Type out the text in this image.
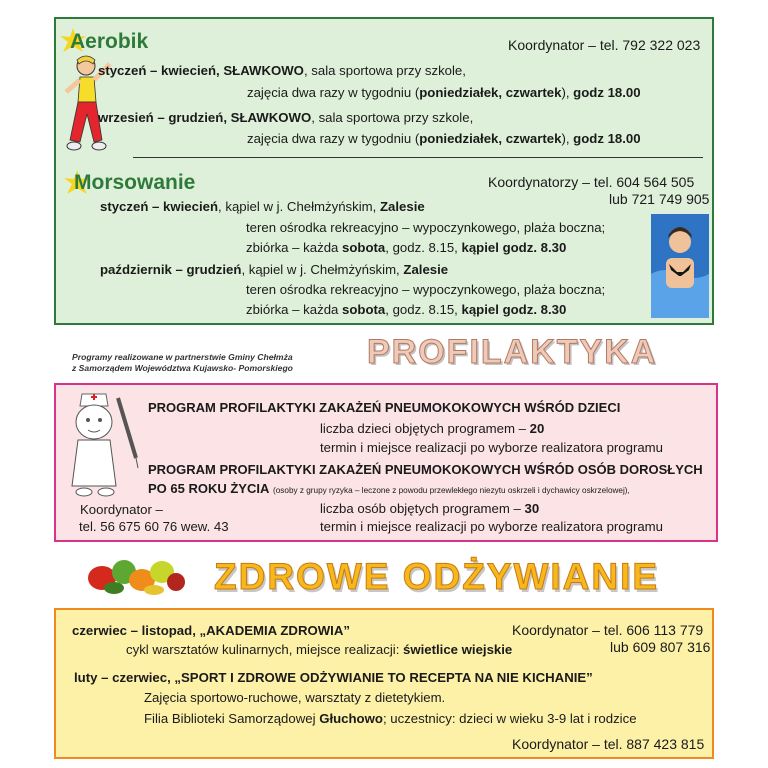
Aerobik	Koordynator – tel. 792 322 023
styczeń – kwiecień, SŁAWKOWO, sala sportowa przy szkole,
zajęcia dwa razy w tygodniu (poniedziałek, czwartek), godz 18.00
wrzesień – grudzień, SŁAWKOWO, sala sportowa przy szkole,
zajęcia dwa razy w tygodniu (poniedziałek, czwartek), godz 18.00
Morsowanie	Koordynatorzy – tel. 604 564 505
lub 721 749 905
styczeń – kwiecień, kąpiel w j. Chełmżyńskim, Zalesie
teren ośrodka rekreacyjno – wypoczynkowego, plaża boczna;
zbiórka – każda sobota, godz. 8.15, kąpiel godz. 8.30
październik – grudzień, kąpiel w j. Chełmżyńskim, Zalesie
teren ośrodka rekreacyjno – wypoczynkowego, plaża boczna;
zbiórka – każda sobota, godz. 8.15, kąpiel godz. 8.30
Programy realizowane w partnerstwie Gminy Chełmża
z Samorządem Województwa Kujawsko- Pomorskiego PROFILAKTYKA
PROGRAM PROFILAKTYKI ZAKAŻEŃ PNEUMOKOKOWYCH WŚRÓD DZIECI
liczba dzieci objętych programem – 20
termin i miejsce realizacji po wyborze realizatora programu
PROGRAM PROFILAKTYKI ZAKAŻEŃ PNEUMOKOKOWYCH WŚRÓD OSÓB DOROSŁYCH
PO 65 ROKU ŻYCIA (osoby z grupy ryzyka – leczone z powodu przewlekłego niezytu oskrzeli i dychawicy oskrzelowej),
Koordynator –
tel. 56 675 60 76 wew. 43
liczba osób objętych programem – 30
termin i miejsce realizacji po wyborze realizatora programu
ZDROWE ODŻYWIANIE
czerwiec – listopad, „AKADEMIA ZDROWIA”
cykl warsztatów kulinarnych, miejsce realizacji: świetlice wiejskie
Koordynator – tel. 606 113 779
lub 609 807 316
luty – czerwiec, „SPORT I ZDROWE ODŻYWIANIE TO RECEPTA NA NIE KICHANIE”
Zajęcia sportowo-ruchowe, warsztaty z dietetykiem.
Filia Biblioteki Samorządowej Głuchowo; uczestnicy: dzieci w wieku 3-9 lat i rodzice
Koordynator – tel. 887 423 815
